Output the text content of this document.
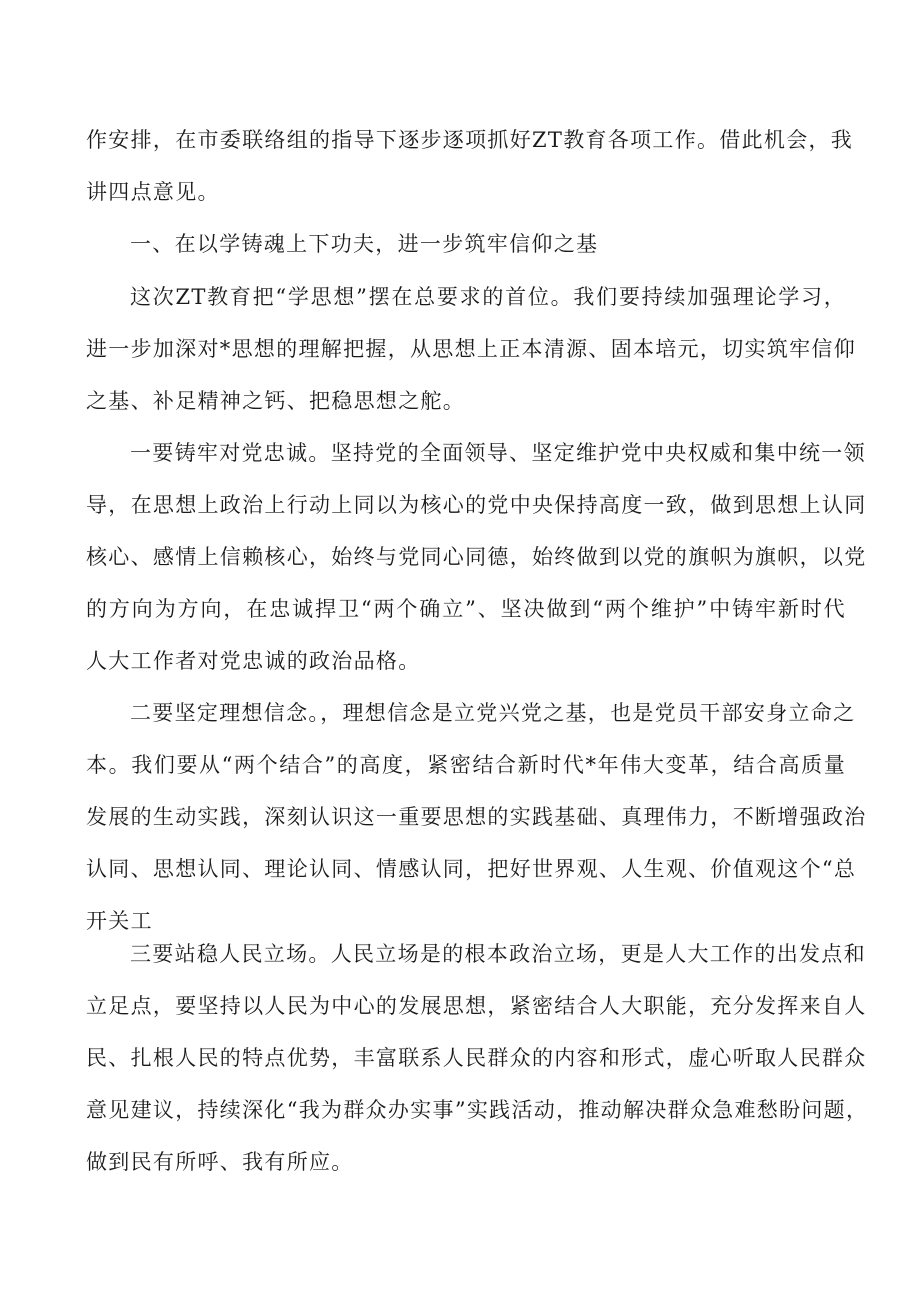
作安排，在市委联络组的指导下逐步逐项抓好ZT教育各项工作。借此机会，我
讲四点意见。
一、在以学铸魂上下功夫，进一步筑牢信仰之基
这次ZT教育把“学思想”摆在总要求的首位。我们要持续加强理论学习，
进一步加深对*思想的理解把握，从思想上正本清源、固本培元，切实筑牢信仰
之基、补足精神之钙、把稳思想之舵。
一要铸牢对党忠诚。坚持党的全面领导、坚定维护党中央权威和集中统一领
导，在思想上政治上行动上同以为核心的党中央保持高度一致，做到思想上认同
核心、感情上信赖核心，始终与党同心同德，始终做到以党的旗帜为旗帜，以党
的方向为方向，在忠诚捍卫“两个确立”、坚决做到“两个维护”中铸牢新时代
人大工作者对党忠诚的政治品格。
二要坚定理想信念。，理想信念是立党兴党之基，也是党员干部安身立命之
本。我们要从“两个结合”的高度，紧密结合新时代*年伟大变革，结合高质量
发展的生动实践，深刻认识这一重要思想的实践基础、真理伟力，不断增强政治
认同、思想认同、理论认同、情感认同，把好世界观、人生观、价值观这个“总
开关工
三要站稳人民立场。人民立场是的根本政治立场，更是人大工作的出发点和
立足点，要坚持以人民为中心的发展思想，紧密结合人大职能，充分发挥来自人
民、扎根人民的特点优势，丰富联系人民群众的内容和形式，虚心听取人民群众
意见建议，持续深化“我为群众办实事”实践活动，推动解决群众急难愁盼问题，
做到民有所呼、我有所应。
